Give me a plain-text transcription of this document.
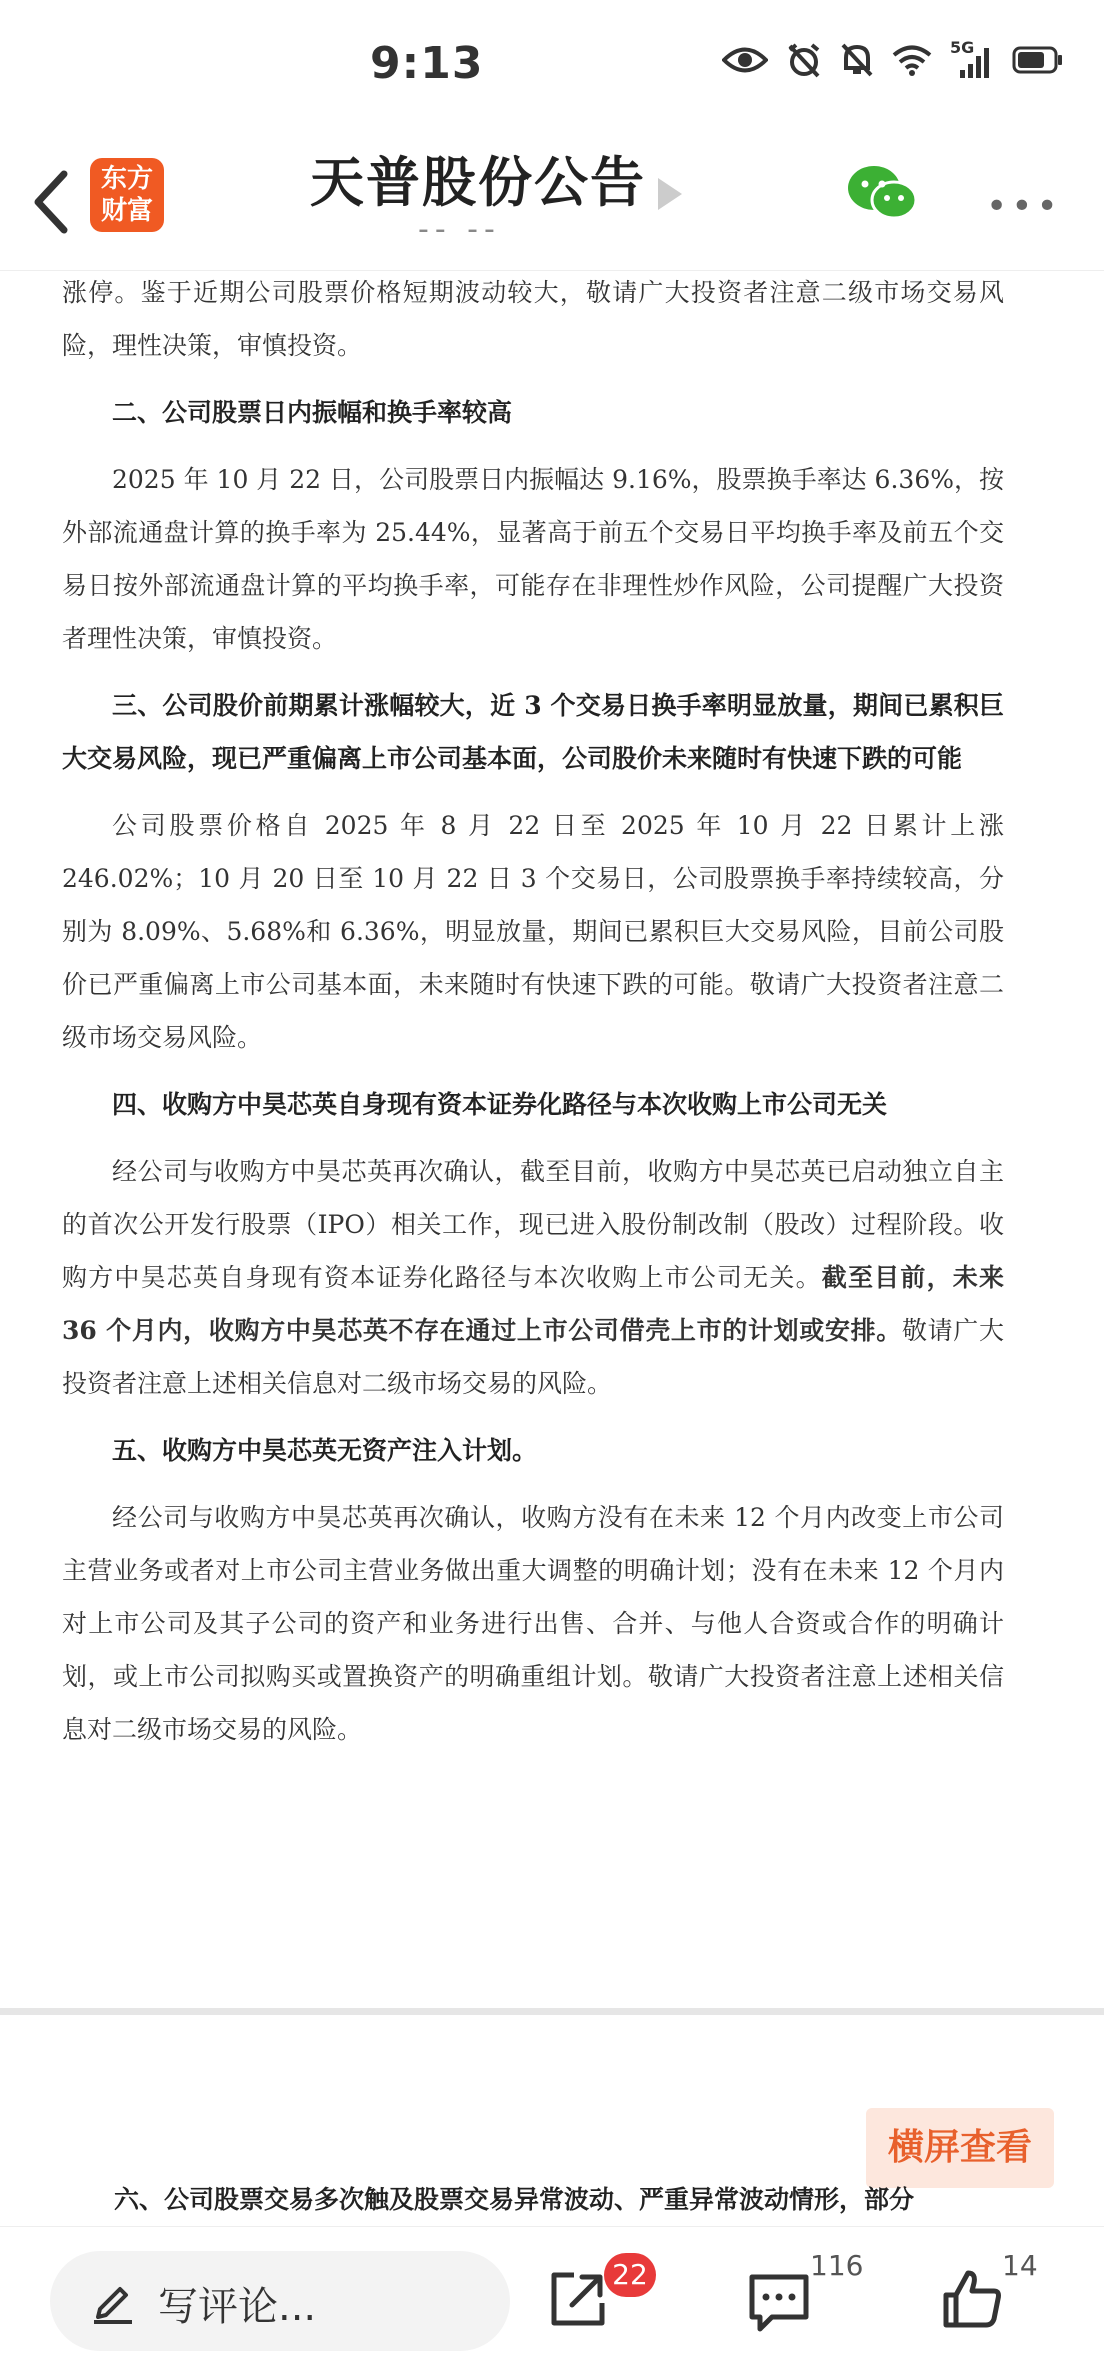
9:13	5G
东方
财富	天普股份公告
-- --
•••

涨停。鉴于近期公司股票价格短期波动较大，敬请广大投资者注意二级市场交易风险，理性决策，审慎投资。

二、公司股票日内振幅和换手率较高

2025 年 10 月 22 日，公司股票日内振幅达 9.16%，股票换手率达 6.36%，按外部流通盘计算的换手率为 25.44%，显著高于前五个交易日平均换手率及前五个交易日按外部流通盘计算的平均换手率，可能存在非理性炒作风险，公司提醒广大投资者理性决策，审慎投资。

三、公司股价前期累计涨幅较大，近 3 个交易日换手率明显放量，期间已累积巨大交易风险，现已严重偏离上市公司基本面，公司股价未来随时有快速下跌的可能

公司股票价格自 2025 年 8 月 22 日至 2025 年 10 月 22 日累计上涨 246.02%；10 月 20 日至 10 月 22 日 3 个交易日，公司股票换手率持续较高，分别为 8.09%、5.68%和 6.36%，明显放量，期间已累积巨大交易风险，目前公司股价已严重偏离上市公司基本面，未来随时有快速下跌的可能。敬请广大投资者注意二级市场交易风险。

四、收购方中昊芯英自身现有资本证券化路径与本次收购上市公司无关

经公司与收购方中昊芯英再次确认，截至目前，收购方中昊芯英已启动独立自主的首次公开发行股票（IPO）相关工作，现已进入股份制改制（股改）过程阶段。收购方中昊芯英自身现有资本证券化路径与本次收购上市公司无关。截至目前，未来 36 个月内，收购方中昊芯英不存在通过上市公司借壳上市的计划或安排。敬请广大投资者注意上述相关信息对二级市场交易的风险。

五、收购方中昊芯英无资产注入计划。

经公司与收购方中昊芯英再次确认，收购方没有在未来 12 个月内改变上市公司主营业务或者对上市公司主营业务做出重大调整的明确计划；没有在未来 12 个月内对上市公司及其子公司的资产和业务进行出售、合并、与他人合资或合作的明确计划，或上市公司拟购买或置换资产的明确重组计划。敬请广大投资者注意上述相关信息对二级市场交易的风险。

横屏查看
六、公司股票交易多次触及股票交易异常波动、严重异常波动情形，部分
写评论...
22	116	14
